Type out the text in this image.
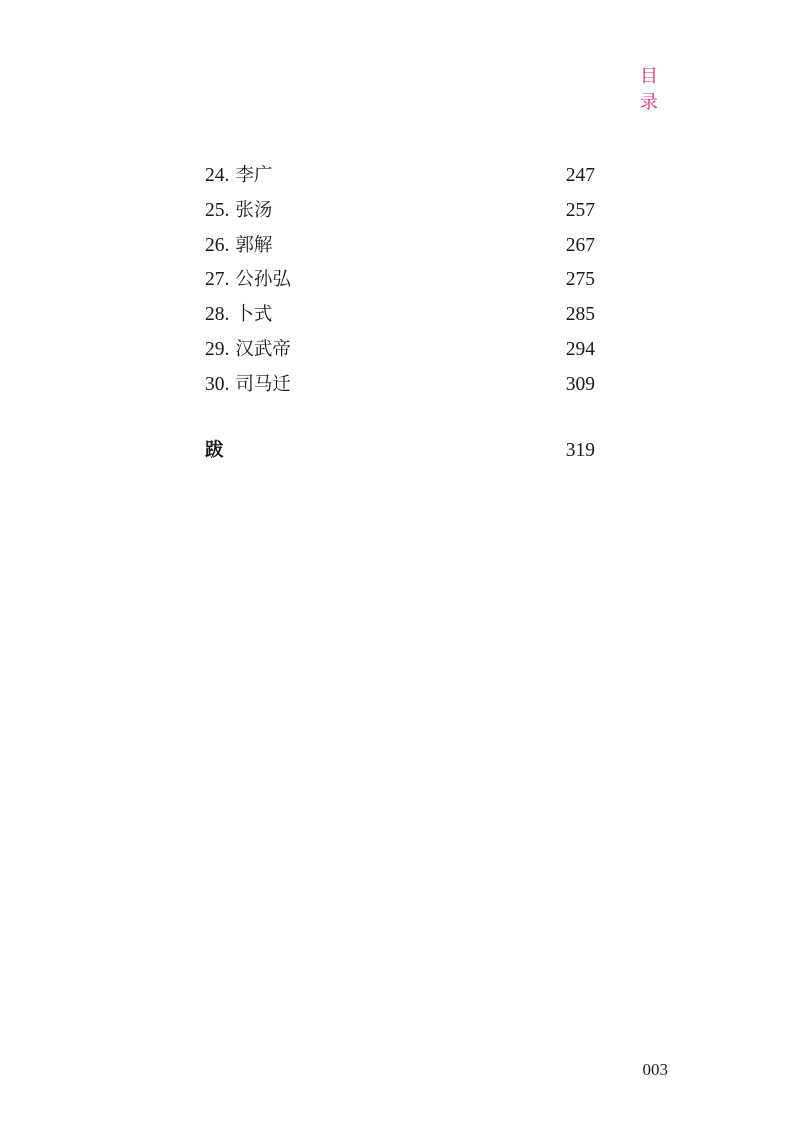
目 录
24. 李广	247
25. 张汤	257
26. 郭解	267
27. 公孙弘	275
28. 卜式	285
29. 汉武帝	294
30. 司马迁	309
跋	319
003
